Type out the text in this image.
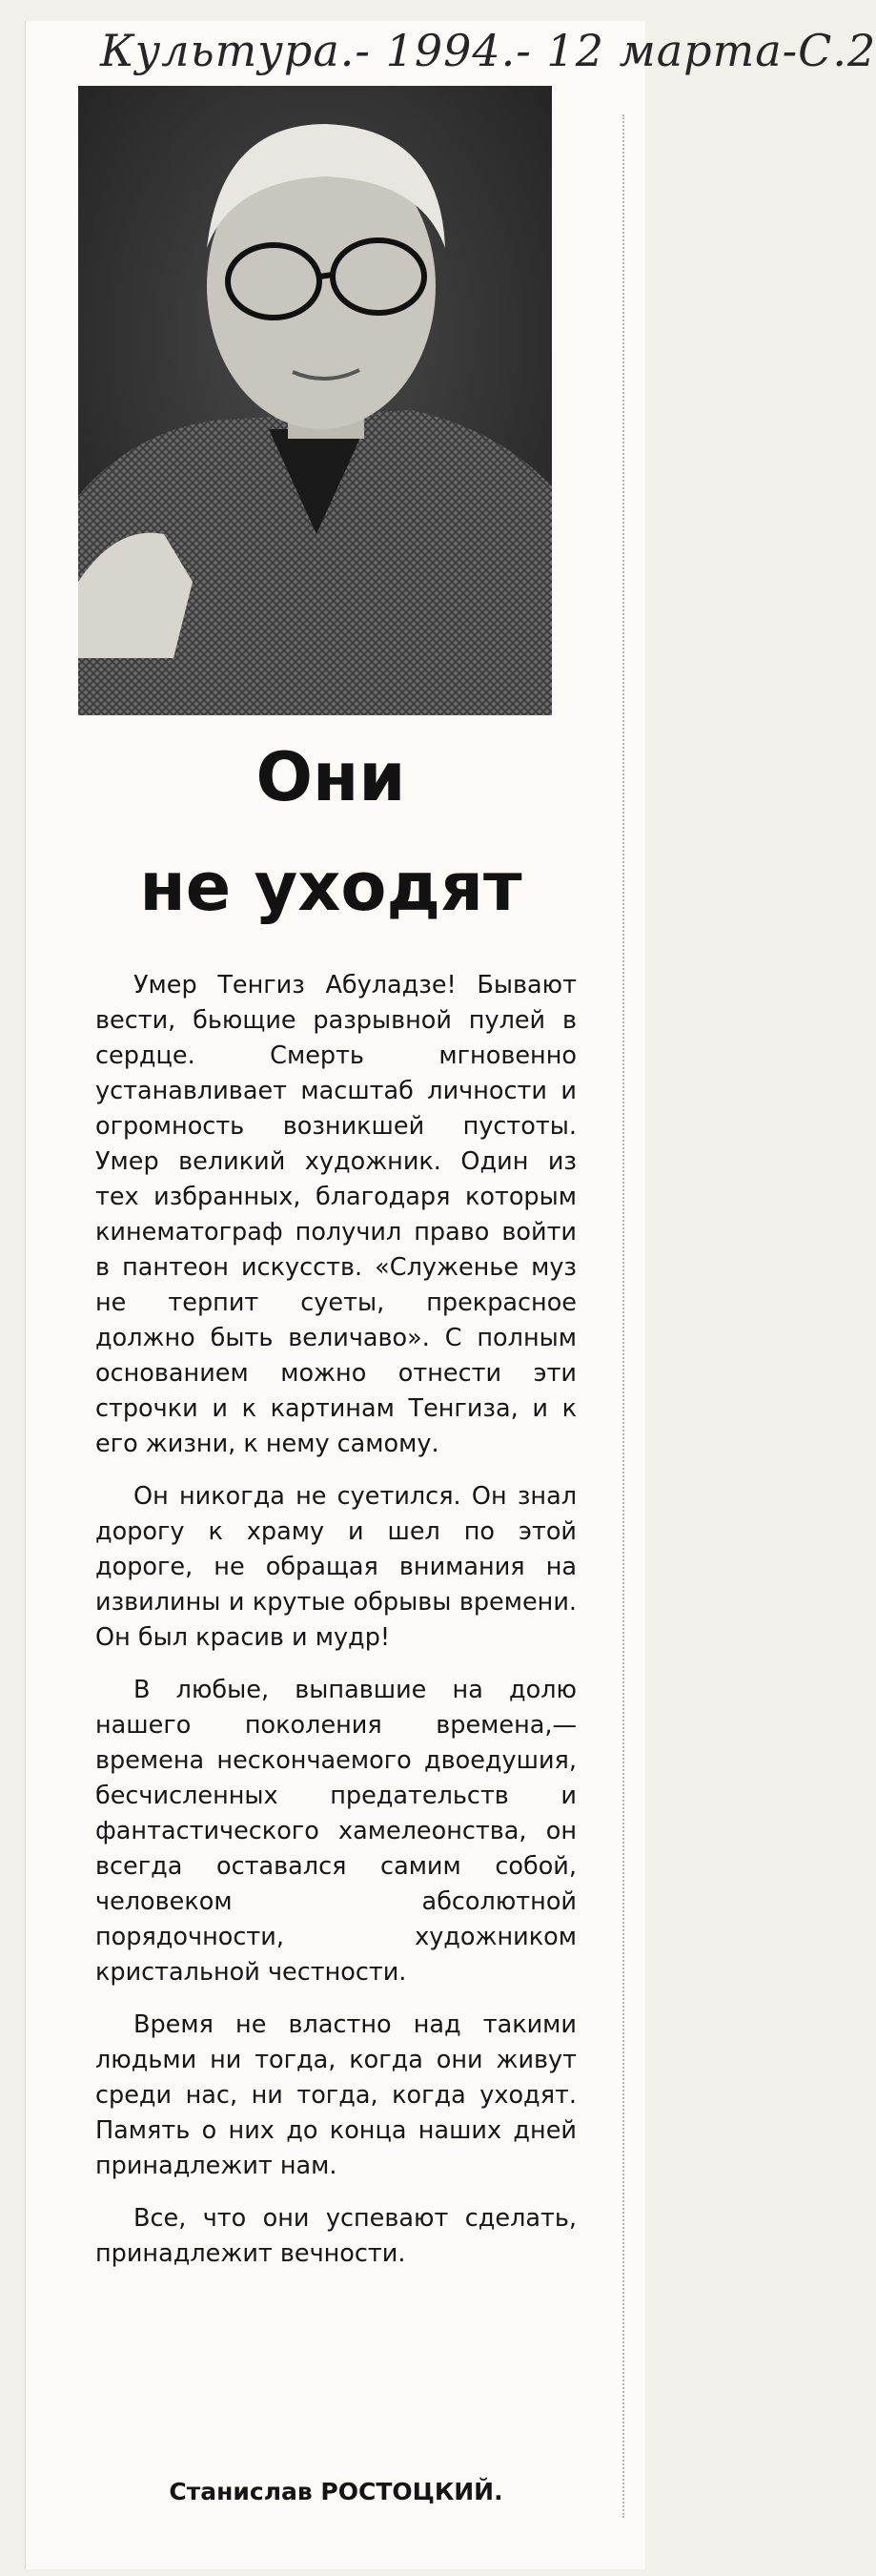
Культура.- 1994.- 12 марта-С.2
Они
не уходят

Умер Тенгиз Абуладзе! Бывают вести, бьющие разрывной пулей в сердце. Смерть мгновенно устанавливает масштаб личности и огромность возникшей пустоты. Умер великий художник. Один из тех избранных, благодаря которым кинематограф получил право войти в пантеон искусств. «Служенье муз не терпит суеты, прекрасное должно быть величаво». С полным основанием можно отнести эти строчки и к картинам Тенгиза, и к его жизни, к нему самому.

Он никогда не суетился. Он знал дорогу к храму и шел по этой дороге, не обращая внимания на извилины и крутые обрывы времени. Он был красив и мудр!

В любые, выпавшие на долю нашего поколения времена,— времена нескончаемого двоедушия, бесчисленных предательств и фантастического хамелеонства, он всегда оставался самим собой, человеком абсолютной порядочности, художником кристальной честности.

Время не властно над такими людьми ни тогда, когда они живут среди нас, ни тогда, когда уходят. Память о них до конца наших дней принадлежит нам.

Все, что они успевают сделать, принадлежит вечности.

Станислав РОСТОЦКИЙ.
